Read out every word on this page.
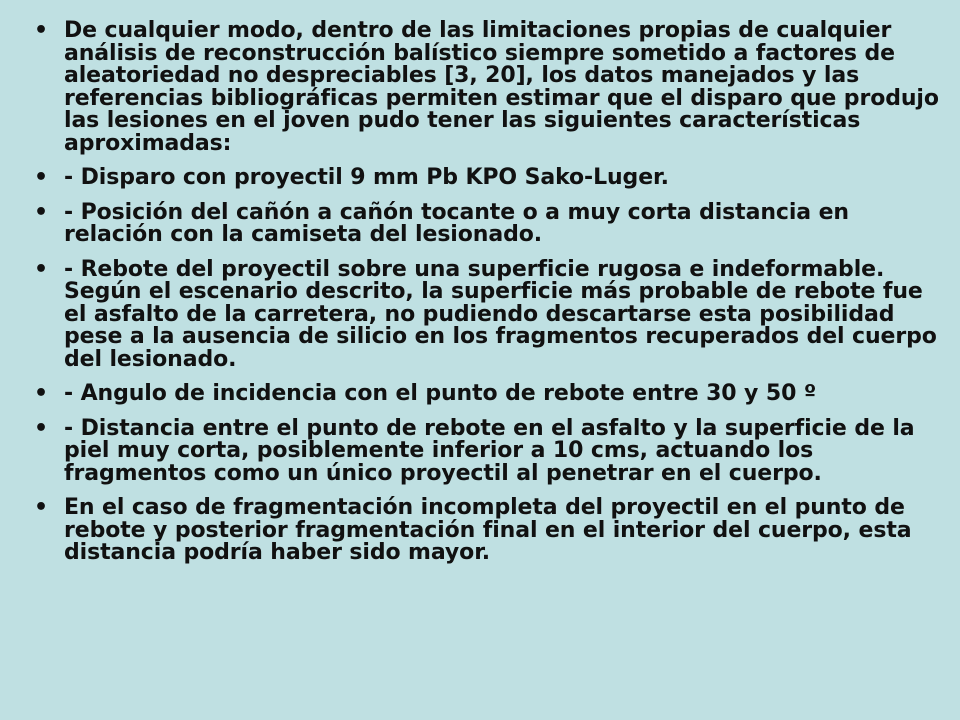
• De cualquier modo, dentro de las limitaciones propias de cualquier análisis de reconstrucción balístico siempre sometido a factores de aleatoriedad no despreciables [3, 20], los datos manejados y las referencias bibliográficas permiten estimar que el disparo que produjo las lesiones en el joven pudo tener las siguientes características aproximadas:
• - Disparo con proyectil 9 mm Pb KPO Sako-Luger.
• - Posición del cañón a cañón tocante o a muy corta distancia en relación con la camiseta del lesionado.
• - Rebote del proyectil sobre una superficie rugosa e indeformable. Según el escenario descrito, la superficie más probable de rebote fue el asfalto de la carretera, no pudiendo descartarse esta posibilidad pese a la ausencia de silicio en los fragmentos recuperados del cuerpo del lesionado.
• - Angulo de incidencia con el punto de rebote entre 30 y 50 º
• - Distancia entre el punto de rebote en el asfalto y la superficie de la piel muy corta, posiblemente inferior a 10 cms, actuando los fragmentos como un único proyectil al penetrar en el cuerpo.
• En el caso de fragmentación incompleta del proyectil en el punto de rebote y posterior fragmentación final en el interior del cuerpo, esta distancia podría haber sido mayor.
